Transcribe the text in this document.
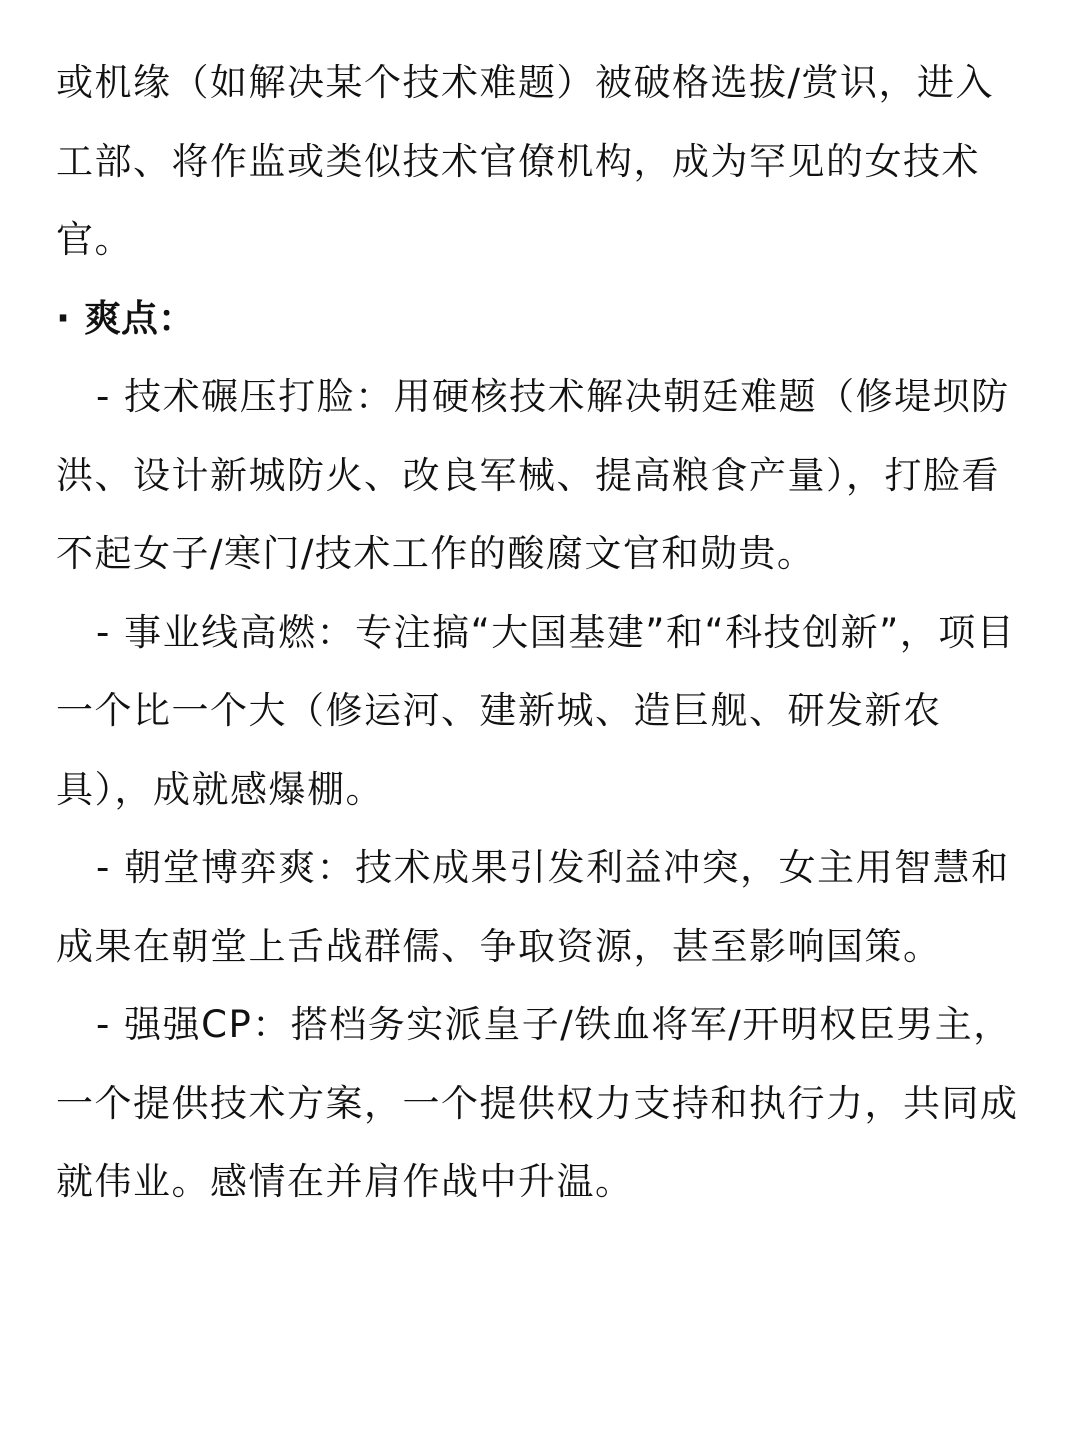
或机缘（如解决某个技术难题）被破格选拔/赏识，进入工部、将作监或类似技术官僚机构，成为罕见的女技术官。

· 爽点：

- 技术碾压打脸：用硬核技术解决朝廷难题（修堤坝防洪、设计新城防火、改良军械、提高粮食产量），打脸看不起女子/寒门/技术工作的酸腐文官和勋贵。

- 事业线高燃：专注搞“大国基建”和“科技创新”，项目一个比一个大（修运河、建新城、造巨舰、研发新农具），成就感爆棚。

- 朝堂博弈爽：技术成果引发利益冲突，女主用智慧和成果在朝堂上舌战群儒、争取资源，甚至影响国策。

- 强强CP：搭档务实派皇子/铁血将军/开明权臣男主，一个提供技术方案，一个提供权力支持和执行力，共同成就伟业。感情在并肩作战中升温。
